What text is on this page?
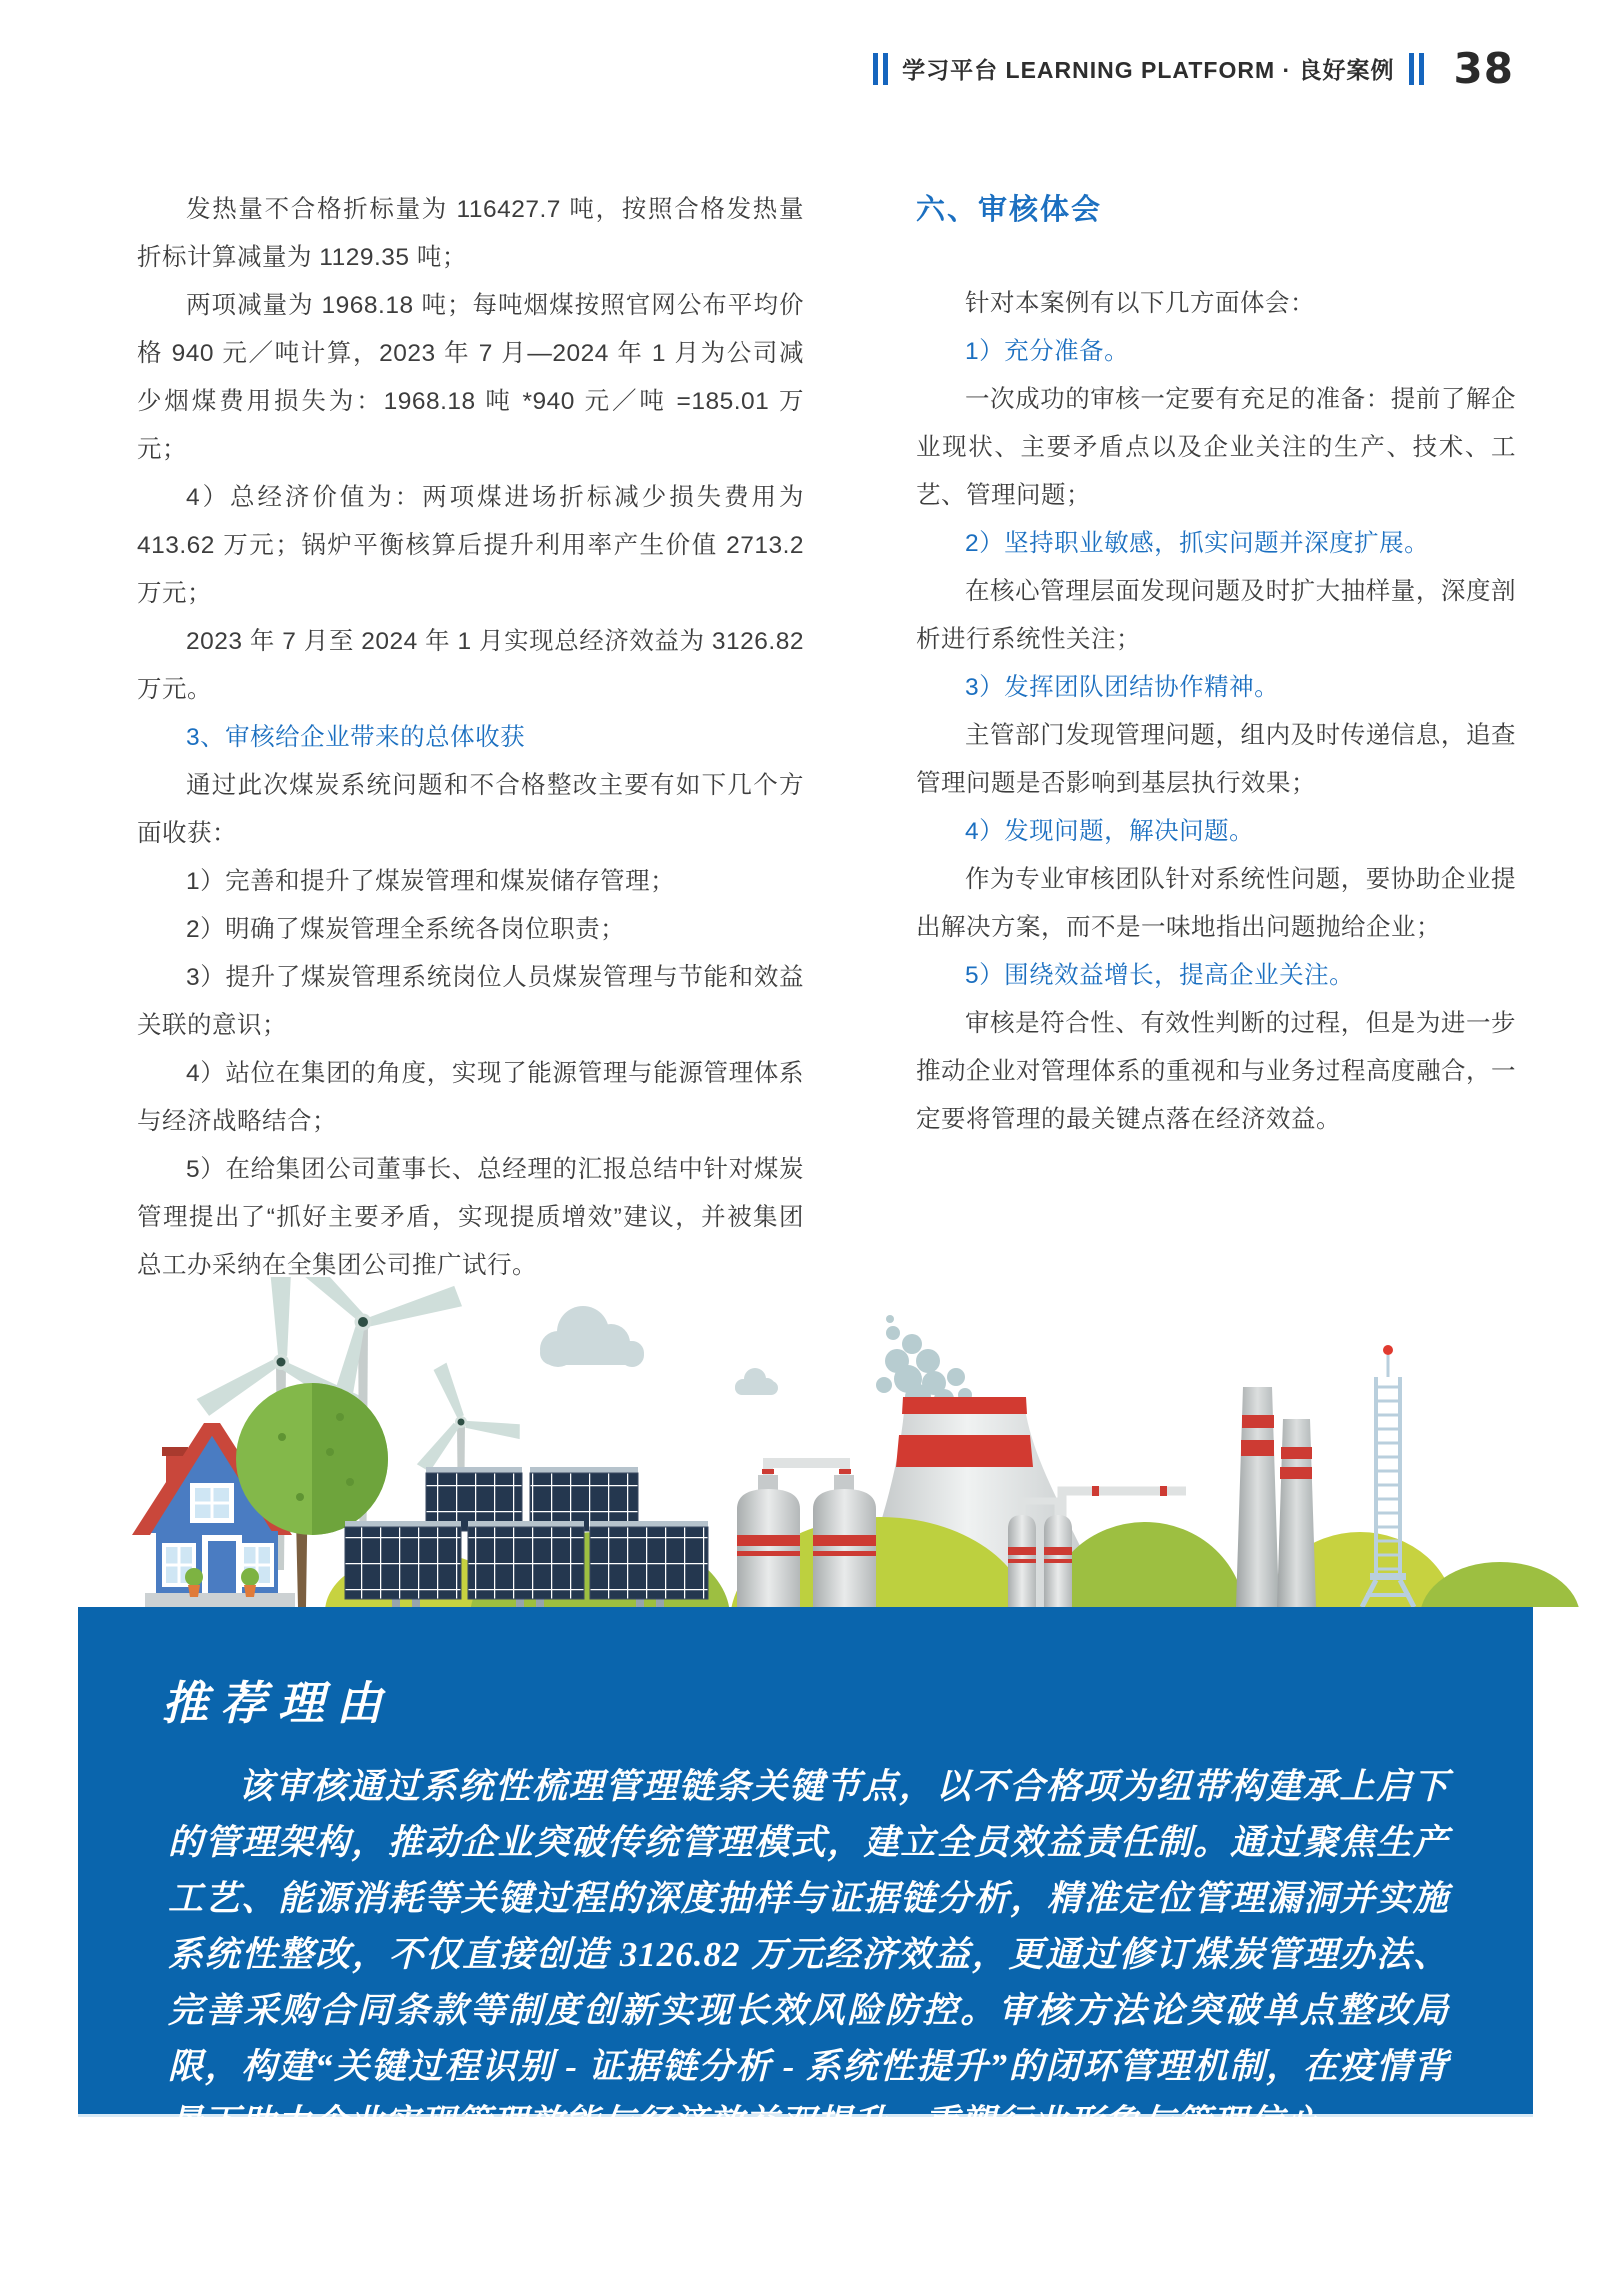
学习平台 LEARNING PLATFORM · 良好案例 38

发热量不合格折标量为 116427.7 吨，按照合格发热量折标计算减量为 1129.35 吨；

两项减量为 1968.18 吨；每吨烟煤按照官网公布平均价格 940 元／吨计算，2023 年 7 月—2024 年 1 月为公司减少烟煤费用损失为：1968.18 吨 *940 元／吨 =185.01 万元；

4）总经济价值为：两项煤进场折标减少损失费用为 413.62 万元；锅炉平衡核算后提升利用率产生价值 2713.2 万元；

2023 年 7 月至 2024 年 1 月实现总经济效益为 3126.82 万元。

3、审核给企业带来的总体收获

通过此次煤炭系统问题和不合格整改主要有如下几个方面收获：

1）完善和提升了煤炭管理和煤炭储存管理；

2）明确了煤炭管理全系统各岗位职责；

3）提升了煤炭管理系统岗位人员煤炭管理与节能和效益关联的意识；

4）站位在集团的角度，实现了能源管理与能源管理体系与经济战略结合；

5）在给集团公司董事长、总经理的汇报总结中针对煤炭管理提出了“抓好主要矛盾，实现提质增效”建议，并被集团总工办采纳在全集团公司推广试行。

六、审核体会

针对本案例有以下几方面体会：

1）充分准备。

一次成功的审核一定要有充足的准备：提前了解企业现状、主要矛盾点以及企业关注的生产、技术、工艺、管理问题；

2）坚持职业敏感，抓实问题并深度扩展。

在核心管理层面发现问题及时扩大抽样量，深度剖析进行系统性关注；

3）发挥团队团结协作精神。

主管部门发现管理问题，组内及时传递信息，追查管理问题是否影响到基层执行效果；

4）发现问题，解决问题。

作为专业审核团队针对系统性问题，要协助企业提出解决方案，而不是一味地指出问题抛给企业；

5）围绕效益增长，提高企业关注。

审核是符合性、有效性判断的过程，但是为进一步推动企业对管理体系的重视和与业务过程高度融合，一定要将管理的最关键点落在经济效益。

推荐理由
该审核通过系统性梳理管理链条关键节点，以不合格项为纽带构建承上启下的管理架构，推动企业突破传统管理模式，建立全员效益责任制。通过聚焦生产工艺、能源消耗等关键过程的深度抽样与证据链分析，精准定位管理漏洞并实施系统性整改，不仅直接创造 3126.82 万元经济效益，更通过修订煤炭管理办法、完善采购合同条款等制度创新实现长效风险防控。审核方法论突破单点整改局限，构建“关键过程识别 - 证据链分析 - 系统性提升”的闭环管理机制，在疫情背景下助力企业实现管理效能与经济效益双提升，重塑行业形象与管理信心。
